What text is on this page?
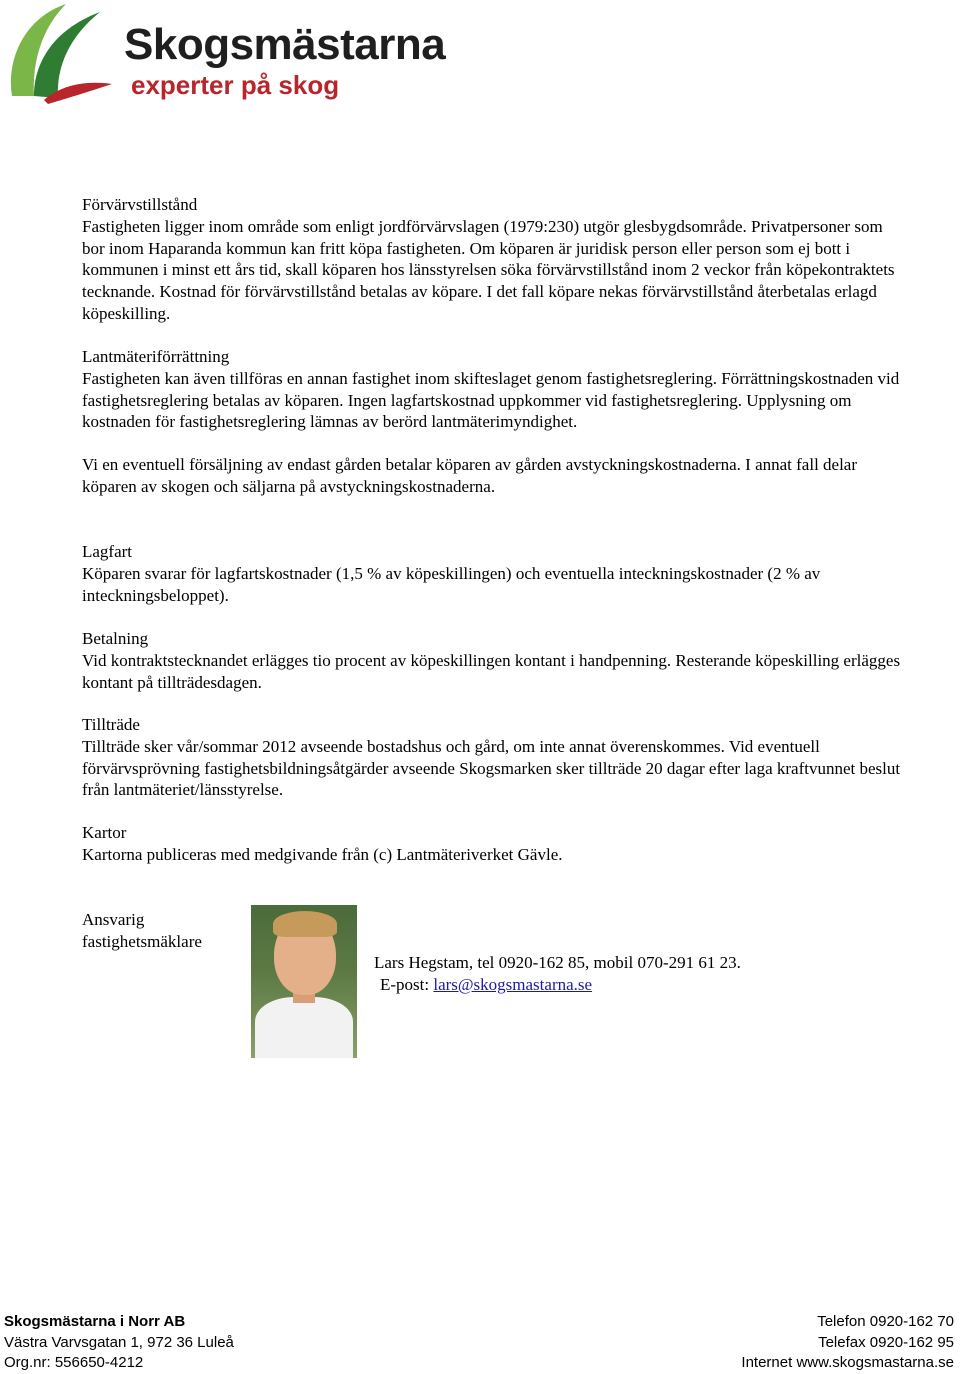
Skogsmästarna
experter på skog
Förvärvstillstånd
Fastigheten ligger inom område som enligt jordförvärvslagen (1979:230) utgör glesbygdsområde. Privatpersoner som bor inom Haparanda kommun kan fritt köpa fastigheten. Om köparen är juridisk person eller person som ej bott i kommunen i minst ett års tid, skall köparen hos länsstyrelsen söka förvärvstillstånd inom 2 veckor från köpekontraktets tecknande. Kostnad för förvärvstillstånd betalas av köpare. I det fall köpare nekas förvärvstillstånd återbetalas erlagd köpeskilling.
Lantmäteriförrättning
Fastigheten kan även tillföras en annan fastighet inom skifteslaget genom fastighetsreglering. Förrättningskostnaden vid fastighetsreglering betalas av köparen. Ingen lagfartskostnad uppkommer vid fastighetsreglering. Upplysning om kostnaden för fastighetsreglering lämnas av berörd lantmäterimyndighet.
Vi en eventuell försäljning av endast gården betalar köparen av gården avstyckningskostnaderna. I annat fall delar köparen av skogen och säljarna på avstyckningskostnaderna.
Lagfart
Köparen svarar för lagfartskostnader (1,5 % av köpeskillingen) och eventuella inteckningskostnader (2 % av inteckningsbeloppet).
Betalning
Vid kontraktstecknandet erlägges tio procent av köpeskillingen kontant i handpenning. Resterande köpeskilling erlägges kontant på tillträdesdagen.
Tillträde
Tillträde sker vår/sommar 2012 avseende bostadshus och gård, om inte annat överenskommes. Vid eventuell förvärvsprövning fastighetsbildningsåtgärder avseende Skogsmarken sker tillträde 20 dagar efter laga kraftvunnet beslut från lantmäteriet/länsstyrelse.
Kartor
Kartorna publiceras med medgivande från (c) Lantmäteriverket Gävle.
Ansvarig
fastighetsmäklare
Lars Hegstam, tel 0920-162 85, mobil 070-291 61 23.
E-post: lars@skogsmastarna.se
Skogsmästarna i Norr AB
Västra Varvsgatan 1, 972 36 Luleå
Org.nr: 556650-4212
Telefon 0920-162 70
Telefax 0920-162 95
Internet www.skogsmastarna.se
